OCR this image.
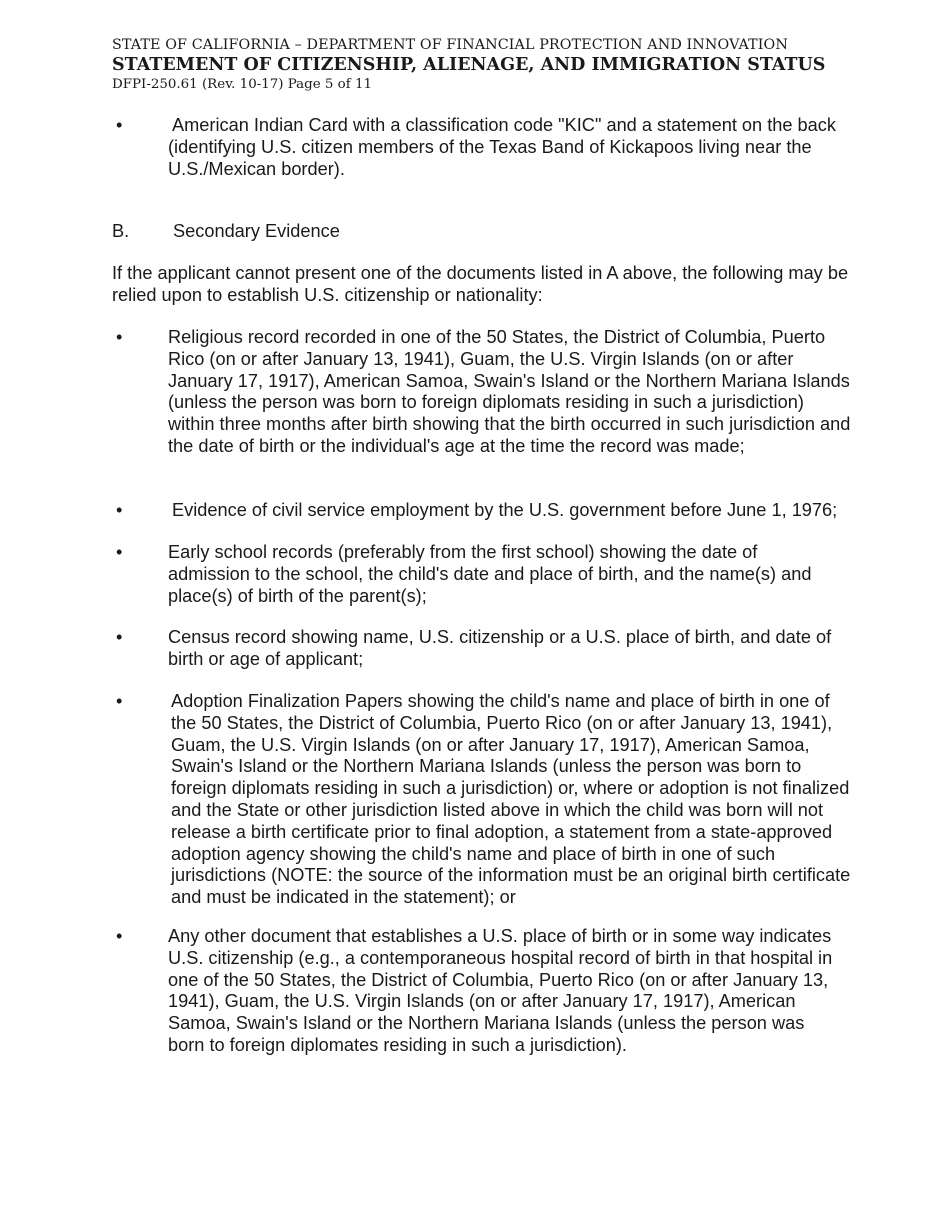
STATE OF CALIFORNIA – DEPARTMENT OF FINANCIAL PROTECTION AND INNOVATION
STATEMENT OF CITIZENSHIP, ALIENAGE, AND IMMIGRATION STATUS
DFPI-250.61 (Rev. 10-17) Page 5 of 11
•	American Indian Card with a classification code "KIC" and a statement on the back (identifying U.S. citizen members of the Texas Band of Kickapoos living near the U.S./Mexican border).
B. Secondary Evidence
If the applicant cannot present one of the documents listed in A above, the following may be relied upon to establish U.S. citizenship or nationality:
•	Religious record recorded in one of the 50 States, the District of Columbia, Puerto Rico (on or after January 13, 1941), Guam, the U.S. Virgin Islands (on or after January 17, 1917), American Samoa, Swain's Island or the Northern Mariana Islands (unless the person was born to foreign diplomats residing in such a jurisdiction) within three months after birth showing that the birth occurred in such jurisdiction and the date of birth or the individual's age at the time the record was made;
•	Evidence of civil service employment by the U.S. government before June 1, 1976;
•	Early school records (preferably from the first school) showing the date of admission to the school, the child's date and place of birth, and the name(s) and place(s) of birth of the parent(s);
•	Census record showing name, U.S. citizenship or a U.S. place of birth, and date of birth or age of applicant;
•	Adoption Finalization Papers showing the child's name and place of birth in one of the 50 States, the District of Columbia, Puerto Rico (on or after January 13, 1941), Guam, the U.S. Virgin Islands (on or after January 17, 1917), American Samoa, Swain's Island or the Northern Mariana Islands (unless the person was born to foreign diplomats residing in such a jurisdiction) or, where or adoption is not finalized and the State or other jurisdiction listed above in which the child was born will not release a birth certificate prior to final adoption, a statement from a state-approved adoption agency showing the child's name and place of birth in one of such jurisdictions (NOTE: the source of the information must be an original birth certificate and must be indicated in the statement); or
•	Any other document that establishes a U.S. place of birth or in some way indicates U.S. citizenship (e.g., a contemporaneous hospital record of birth in that hospital in one of the 50 States, the District of Columbia, Puerto Rico (on or after January 13, 1941), Guam, the U.S. Virgin Islands (on or after January 17, 1917), American Samoa, Swain's Island or the Northern Mariana Islands (unless the person was born to foreign diplomates residing in such a jurisdiction).
